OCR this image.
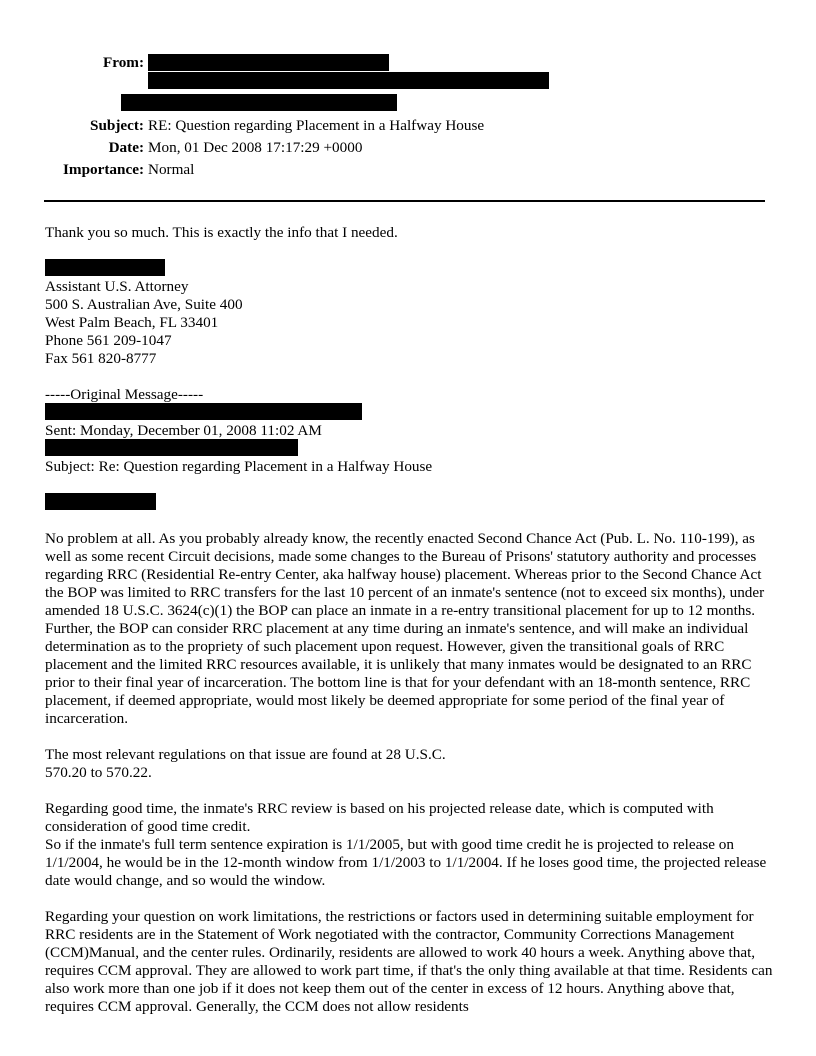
From:
Subject: RE: Question regarding Placement in a Halfway House
Date: Mon, 01 Dec 2008 17:17:29 +0000
Importance: Normal
Thank you so much. This is exactly the info that I needed.
Assistant U.S. Attorney
500 S. Australian Ave, Suite 400
West Palm Beach, FL 33401
Phone 561 209-1047
Fax 561 820-8777
-----Original Message-----
Sent: Monday, December 01, 2008 11:02 AM
Subject: Re: Question regarding Placement in a Halfway House

No problem at all. As you probably already know, the recently enacted Second Chance Act (Pub. L. No. 110-199), as well as some recent Circuit decisions, made some changes to the Bureau of Prisons' statutory authority and processes regarding RRC (Residential Re-entry Center, aka halfway house) placement. Whereas prior to the Second Chance Act the BOP was limited to RRC transfers for the last 10 percent of an inmate's sentence (not to exceed six months), under amended 18 U.S.C. 3624(c)(1) the BOP can place an inmate in a re-entry transitional placement for up to 12 months. Further, the BOP can consider RRC placement at any time during an inmate's sentence, and will make an individual determination as to the propriety of such placement upon request. However, given the transitional goals of RRC placement and the limited RRC resources available, it is unlikely that many inmates would be designated to an RRC prior to their final year of incarceration. The bottom line is that for your defendant with an 18-month sentence, RRC placement, if deemed appropriate, would most likely be deemed appropriate for some period of the final year of incarceration.

The most relevant regulations on that issue are found at 28 U.S.C.
570.20 to 570.22.

Regarding good time, the inmate's RRC review is based on his projected release date, which is computed with consideration of good time credit.

So if the inmate's full term sentence expiration is 1/1/2005, but with good time credit he is projected to release on 1/1/2004, he would be in the 12-month window from 1/1/2003 to 1/1/2004. If he loses good time, the projected release date would change, and so would the window.

Regarding your question on work limitations, the restrictions or factors used in determining suitable employment for RRC residents are in the Statement of Work negotiated with the contractor, Community Corrections Management (CCM)Manual, and the center rules. Ordinarily, residents are allowed to work 40 hours a week. Anything above that, requires CCM approval. They are allowed to work part time, if that's the only thing available at that time. Residents can also work more than one job if it does not keep them out of the center in excess of 12 hours. Anything above that, requires CCM approval. Generally, the CCM does not allow residents
